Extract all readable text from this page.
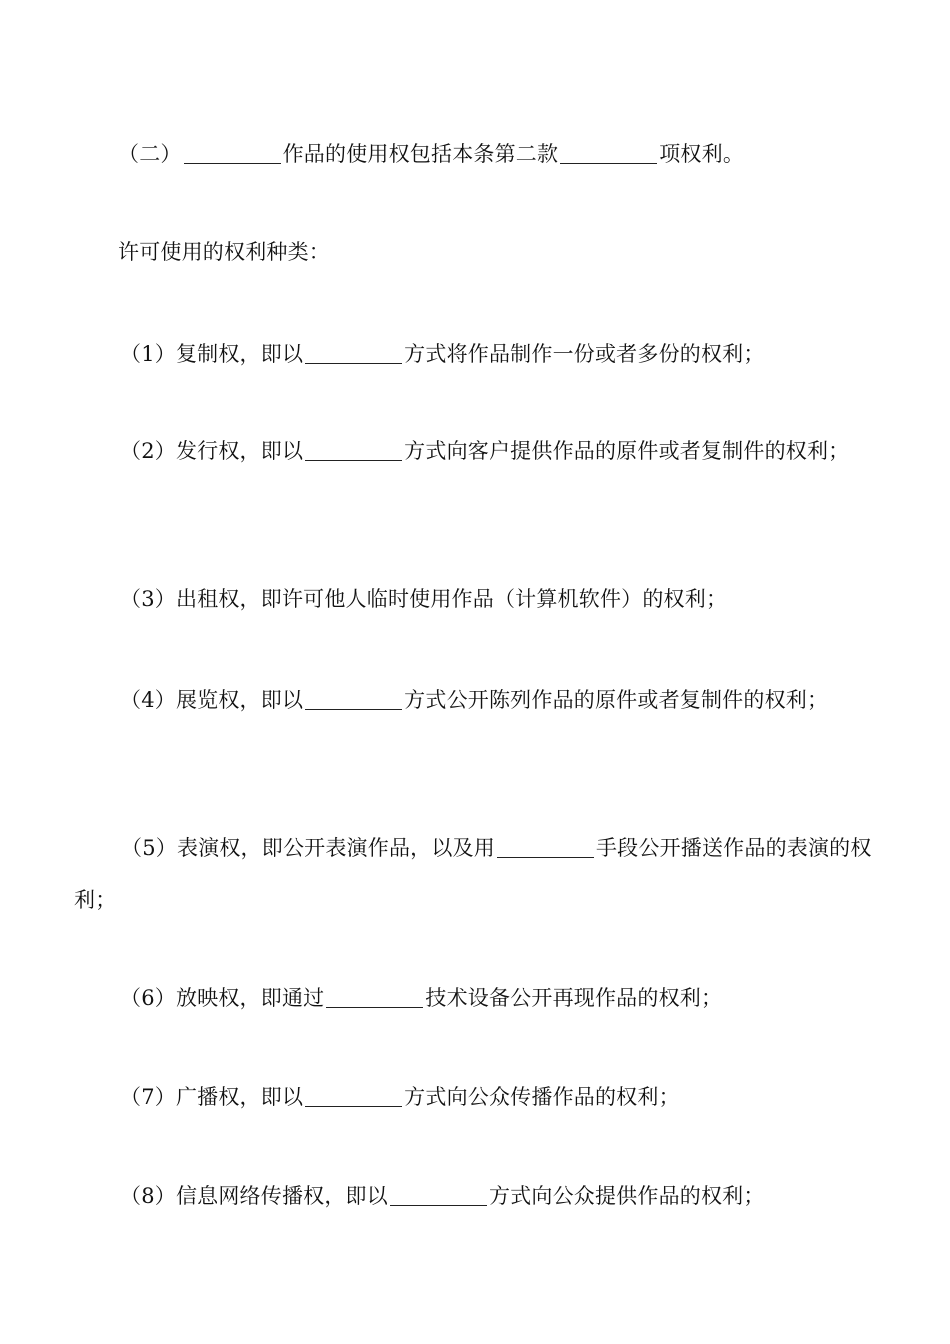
（二）	作品的使用权包括本条第二款	项权利。
许可使用的权利种类：
（1）复制权，即以	方式将作品制作一份或者多份的权利；
（2）发行权，即以	方式向客户提供作品的原件或者复制件的权利；
（3）出租权，即许可他人临时使用作品（计算机软件）的权利；
（4）展览权，即以	方式公开陈列作品的原件或者复制件的权利；
（5）表演权，即公开表演作品，以及用	手段公开播送作品的表演的权利；
（6）放映权，即通过	技术设备公开再现作品的权利；
（7）广播权，即以	方式向公众传播作品的权利；
（8）信息网络传播权，即以	方式向公众提供作品的权利；
